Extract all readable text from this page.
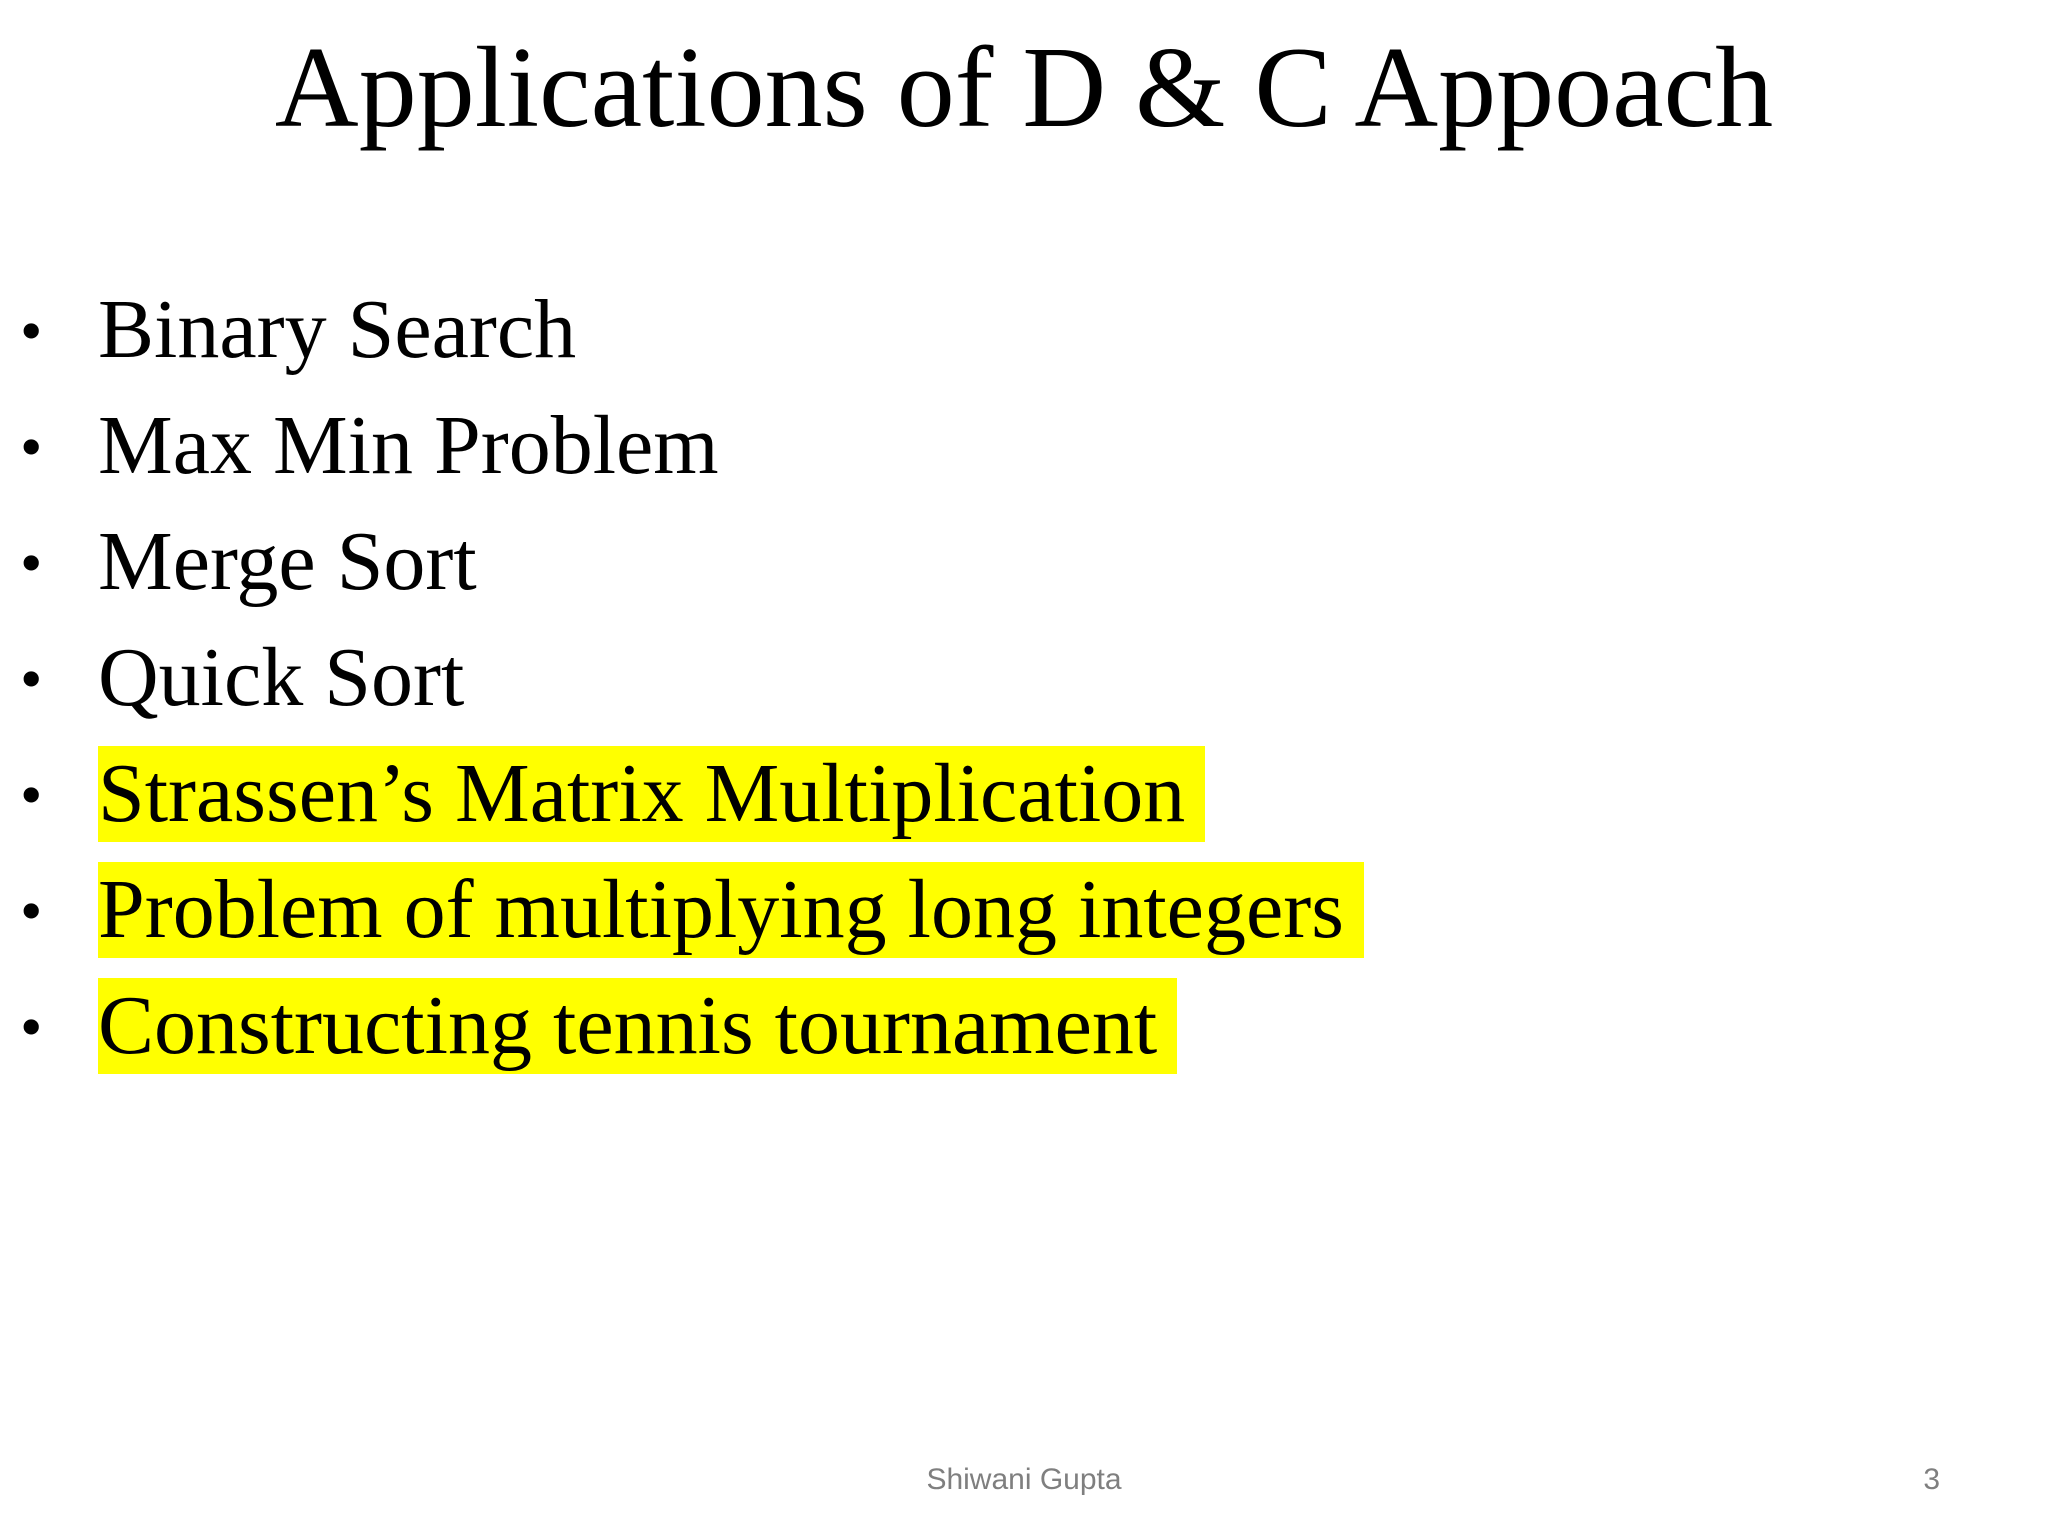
Applications of D & C Appoach
• Binary Search
• Max Min Problem
• Merge Sort
• Quick Sort
• Strassen’s Matrix Multiplication
• Problem of multiplying long integers
• Constructing tennis tournament
Shiwani Gupta	3
